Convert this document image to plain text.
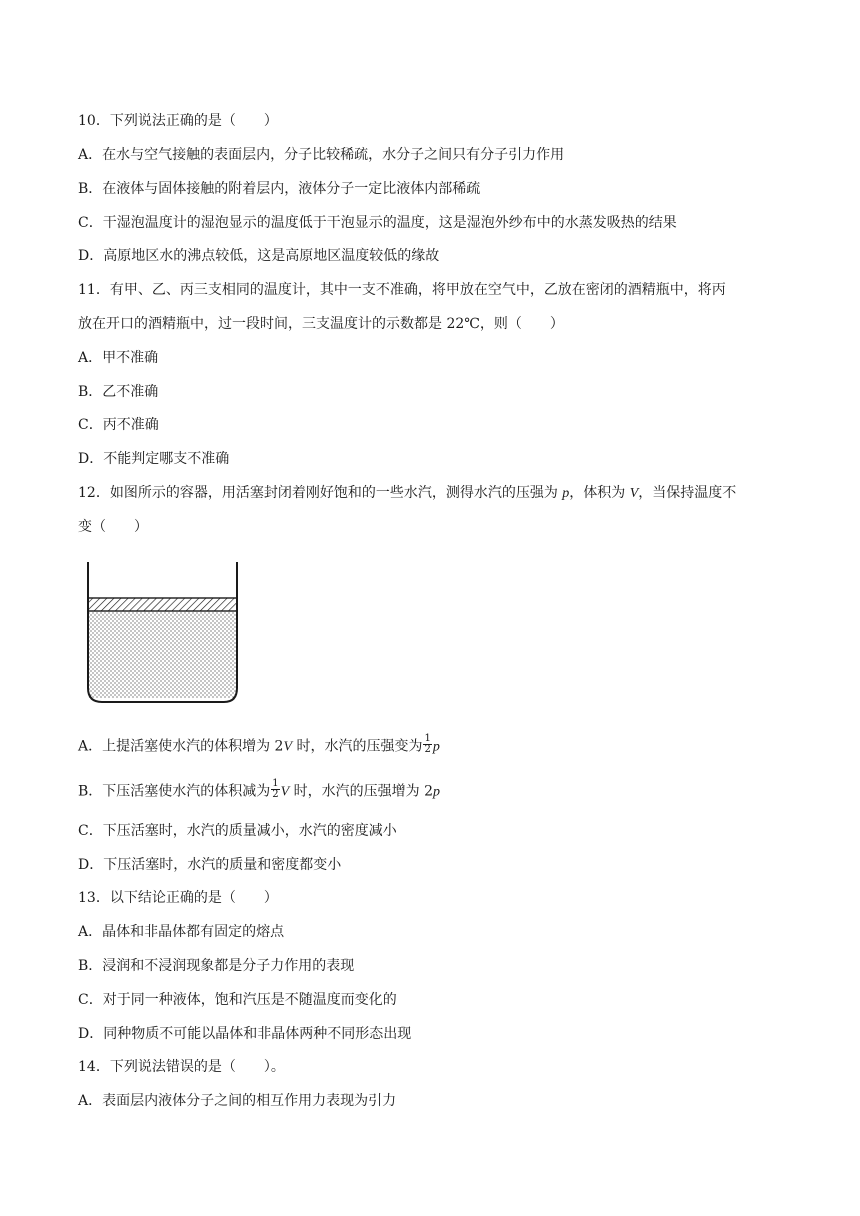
10．下列说法正确的是（　　）
A．在水与空气接触的表面层内，分子比较稀疏，水分子之间只有分子引力作用
B．在液体与固体接触的附着层内，液体分子一定比液体内部稀疏
C．干湿泡温度计的湿泡显示的温度低于干泡显示的温度，这是湿泡外纱布中的水蒸发吸热的结果
D．高原地区水的沸点较低，这是高原地区温度较低的缘故
11．有甲、乙、丙三支相同的温度计，其中一支不准确，将甲放在空气中，乙放在密闭的酒精瓶中，将丙
放在开口的酒精瓶中，过一段时间，三支温度计的示数都是 22℃，则（　　）
A．甲不准确
B．乙不准确
C．丙不准确
D．不能判定哪支不准确
12．如图所示的容器，用活塞封闭着刚好饱和的一些水汽，测得水汽的压强为 p，体积为 V，当保持温度不
变（　　）
A．上提活塞使水汽的体积增为 2V 时，水汽的压强变为 $\frac{1}{2}$ p
B．下压活塞使水汽的体积减为 $\frac{1}{2}$ V 时，水汽的压强增为 2p
C．下压活塞时，水汽的质量减小，水汽的密度减小
D．下压活塞时，水汽的质量和密度都变小
13．以下结论正确的是（　　）
A．晶体和非晶体都有固定的熔点
B．浸润和不浸润现象都是分子力作用的表现
C．对于同一种液体，饱和汽压是不随温度而变化的
D．同种物质不可能以晶体和非晶体两种不同形态出现
14．下列说法错误的是（　　）。
A．表面层内液体分子之间的相互作用力表现为引力
